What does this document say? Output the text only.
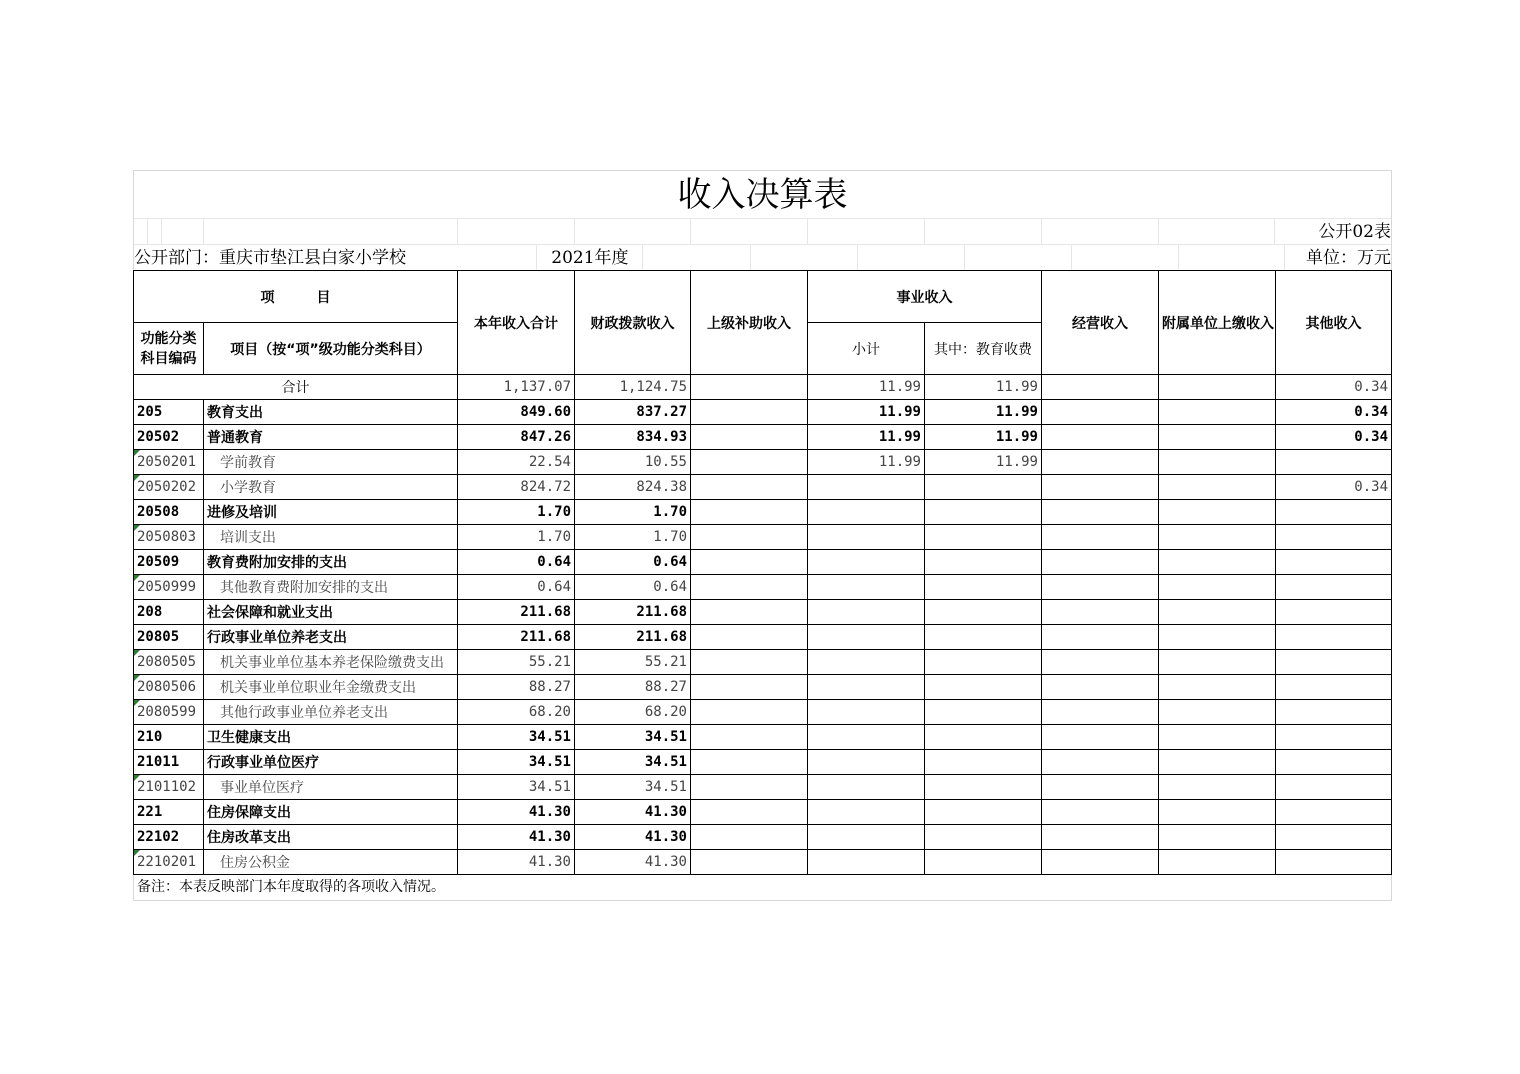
收入决算表
公开02表
公开部门：重庆市垫江县白家小学校	2021年度	单位：万元
项　　　目		本年收入合计	财政拨款收入	上级补助收入	事业收入		经营收入	附属单位上缴收入	其他收入
功能分类科目编码	项目（按“项”级功能分类科目）								
					小计	其中：教育收费			
合计		1,137.07	1,124.75		11.99	11.99			0.34
205	教育支出	849.60	837.27		11.99	11.99			0.34
20502	普通教育	847.26	834.93		11.99	11.99			0.34
2050201	学前教育	22.54	10.55		11.99	11.99			
2050202	小学教育	824.72	824.38						0.34
20508	进修及培训	1.70	1.70						
2050803	培训支出	1.70	1.70						
20509	教育费附加安排的支出	0.64	0.64						
2050999	其他教育费附加安排的支出	0.64	0.64						
208	社会保障和就业支出	211.68	211.68						
20805	行政事业单位养老支出	211.68	211.68						
2080505	机关事业单位基本养老保险缴费支出	55.21	55.21						
2080506	机关事业单位职业年金缴费支出	88.27	88.27						
2080599	其他行政事业单位养老支出	68.20	68.20						
210	卫生健康支出	34.51	34.51						
21011	行政事业单位医疗	34.51	34.51						
2101102	事业单位医疗	34.51	34.51						
221	住房保障支出	41.30	41.30						
22102	住房改革支出	41.30	41.30						
2210201	住房公积金	41.30	41.30						
备注：本表反映部门本年度取得的各项收入情况。
